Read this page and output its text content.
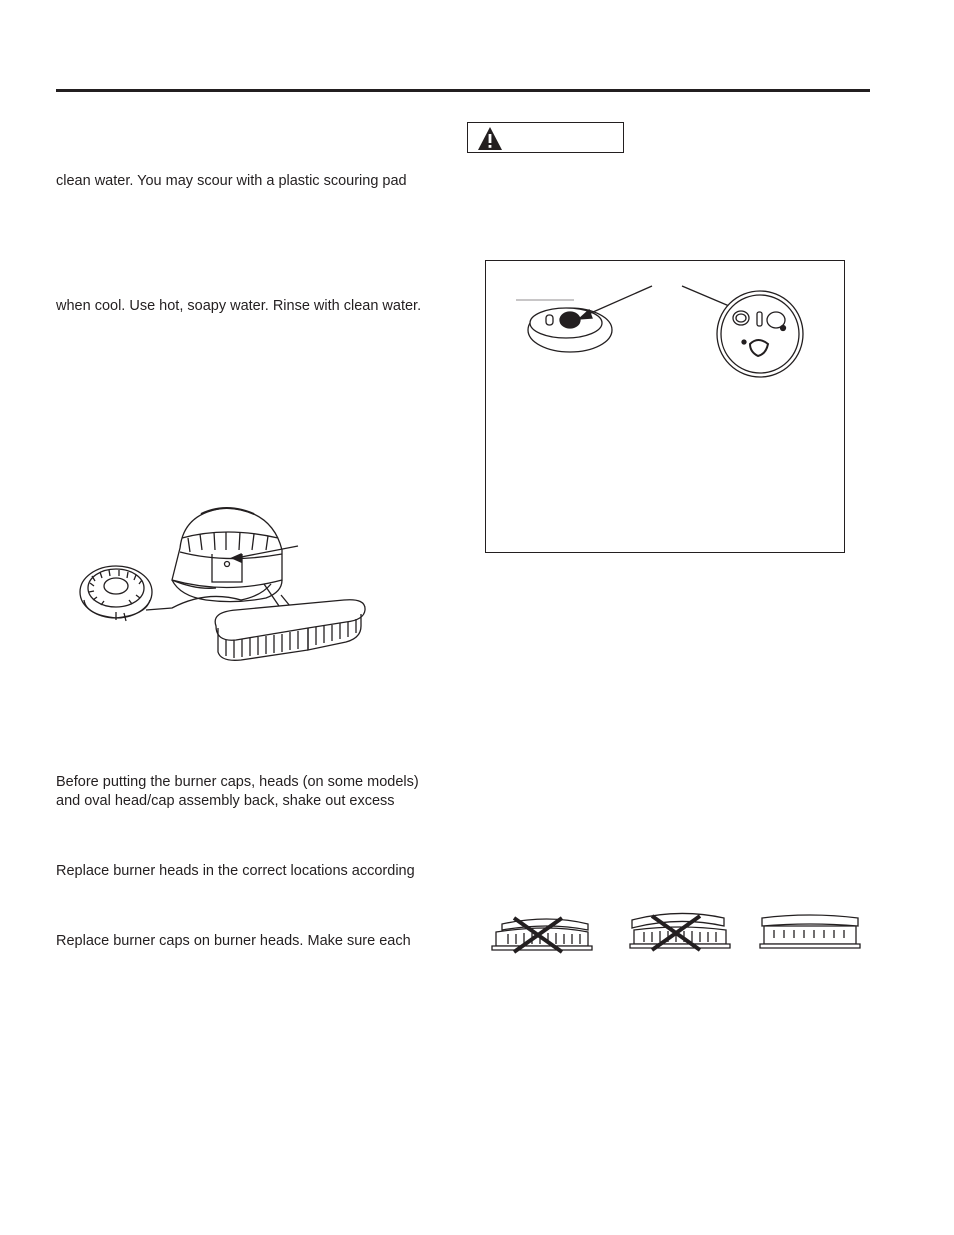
clean water. You may scour with a plastic scouring pad

when cool. Use hot, soapy water. Rinse with clean water.

Before putting the burner caps, heads (on some models)

and oval head/cap assembly back, shake out excess

Replace burner heads in the correct locations according

Replace burner caps on burner heads. Make sure each
